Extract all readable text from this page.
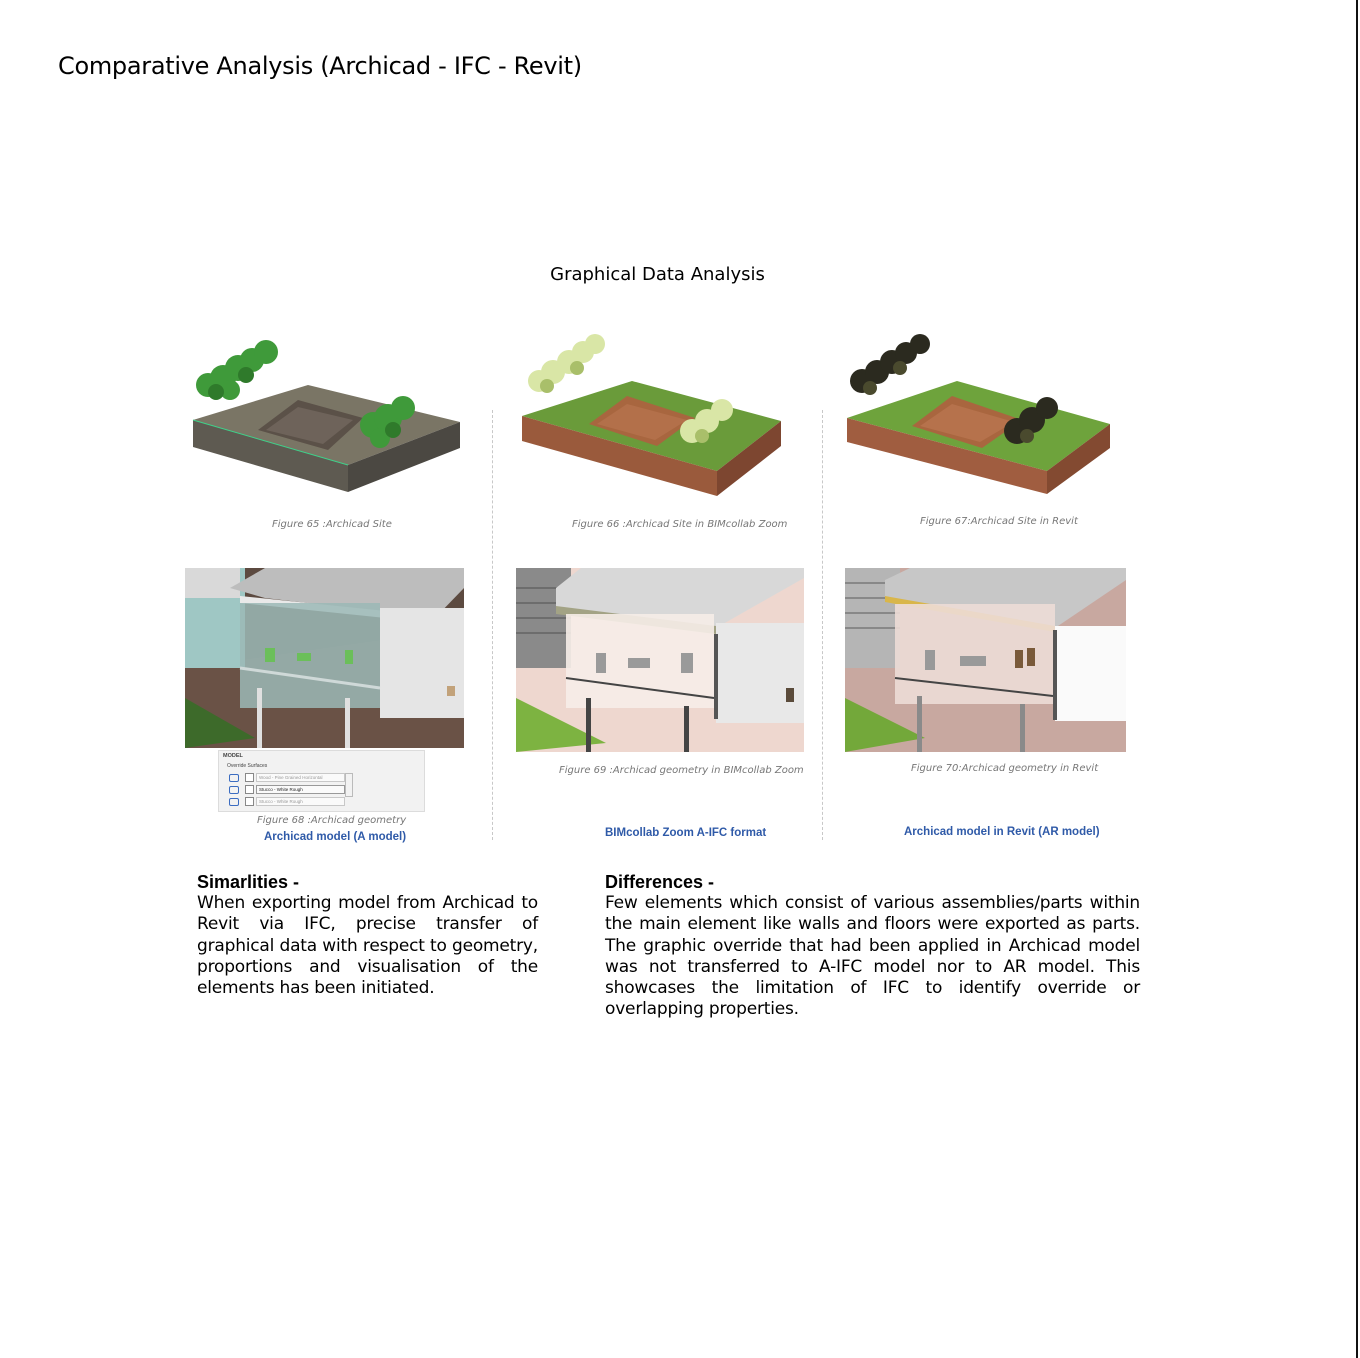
Comparative Analysis (Archicad - IFC - Revit)
Graphical Data Analysis
Figure 65 :Archicad Site	Figure 66 :Archicad Site in BIMcollab Zoom	Figure 67:Archicad Site in Revit
MODEL
Override Surfaces
Wood - Pine Grained Horizontal
Stucco - White Rough
Stucco - White Rough
Figure 68 :Archicad geometry
Figure 69 :Archicad geometry in BIMcollab Zoom	Figure 70:Archicad geometry in Revit
Archicad model (A model)	BIMcollab Zoom A-IFC format	Archicad model in Revit (AR model)
Simarlities -
When exporting model from Archicad to Revit via IFC, precise transfer of graphical data with respect to geometry, proportions and visualisation of the elements has been initiated.
Differences -
Few elements which consist of various assemblies/parts within the main element like walls and floors were exported as parts. The graphic override that had been applied in Archicad model was not transferred to A-IFC model nor to AR model. This showcases the limitation of IFC to identify override or overlapping properties.
